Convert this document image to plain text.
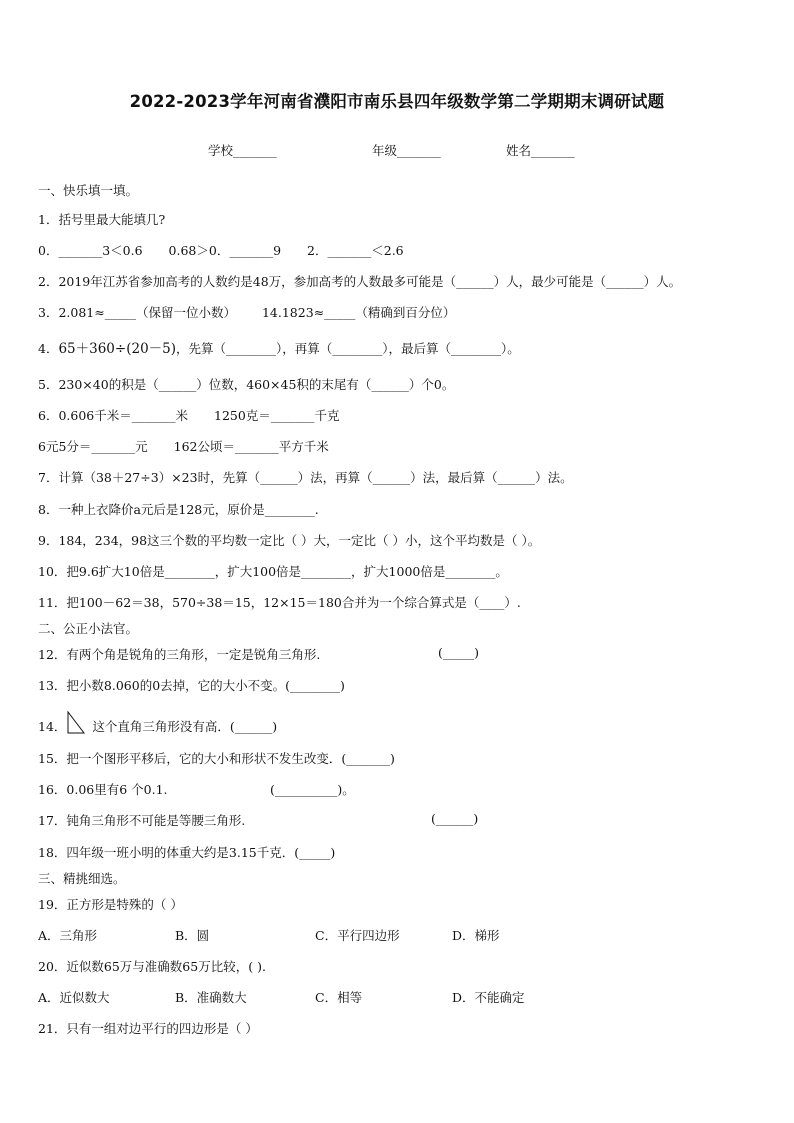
2022-2023学年河南省濮阳市南乐县四年级数学第二学期期末调研试题
学校_______	年级_______	姓名_______
一、快乐填一填。
1．括号里最大能填几?
0．_______3＜0.6 0.68＞0．_______9 2．_______＜2.6
2．2019年江苏省参加高考的人数约是48万，参加高考的人数最多可能是（______）人，最少可能是（______）人。
3．2.081≈_____（保留一位小数） 14.1823≈_____（精确到百分位）
4．65＋360÷(20－5)，先算（________），再算（________），最后算（________）。
5．230×40的积是（______）位数，460×45积的末尾有（______）个0。
6．0.606千米＝_______米 1250克＝_______千克
6元5分＝_______元 162公顷＝_______平方千米
7．计算（38＋27÷3）×23时，先算（______）法，再算（______）法，最后算（______）法。
8．一种上衣降价a元后是128元，原价是________.
9．184，234，98这三个数的平均数一定比（ ）大，一定比（ ）小，这个平均数是（ ）。
10．把9.6扩大10倍是________，扩大100倍是________，扩大1000倍是________。
11．把100－62＝38，570÷38＝15，12×15＝180合并为一个综合算式是（____）.
二、公正小法官。
12．有两个角是锐角的三角形，一定是锐角三角形.	(_____)
13．把小数8.060的0去掉，它的大小不变。(________)
14． 这个直角三角形没有高．(______)
15．把一个图形平移后，它的大小和形状不发生改变．(_______)
16．0.06里有6 个0.1.	(__________)。
17．钝角三角形不可能是等腰三角形.	(______)
18．四年级一班小明的体重大约是3.15千克．(_____)
三、精挑细选。
19．正方形是特殊的（ ）
A．三角形	B．圆	C．平行四边形	D．梯形
20．近似数65万与准确数65万比较，( ).
A．近似数大	B．准确数大	C．相等	D．不能确定
21．只有一组对边平行的四边形是（ ）
